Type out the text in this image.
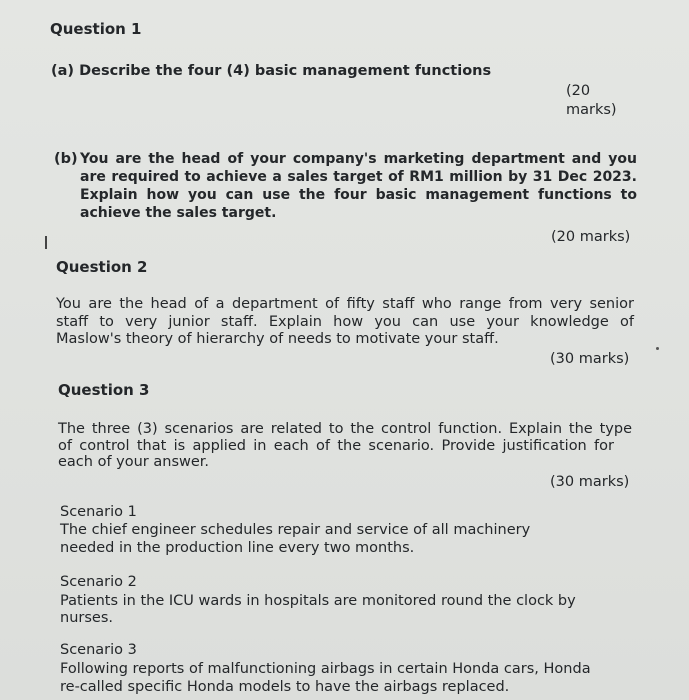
Question 1
(a) Describe the four (4) basic management functions
(20
marks)
(b) You are the head of your company's marketing department and you
are required to achieve a sales target of RM1 million by 31 Dec 2023.
Explain how you can use the four basic management functions to
achieve the sales target.
(20 marks)
Question 2
You are the head of a department of fifty staff who range from very senior
staff to very junior staff. Explain how you can use your knowledge of
Maslow's theory of hierarchy of needs to motivate your staff.
(30 marks)
Question 3
The three (3) scenarios are related to the control function. Explain the type
of control that is applied in each of the scenario. Provide justification for
each of your answer.
(30 marks)
Scenario 1
The chief engineer schedules repair and service of all machinery
needed in the production line every two months.
Scenario 2
Patients in the ICU wards in hospitals are monitored round the clock by
nurses.
Scenario 3
Following reports of malfunctioning airbags in certain Honda cars, Honda
re-called specific Honda models to have the airbags replaced.
